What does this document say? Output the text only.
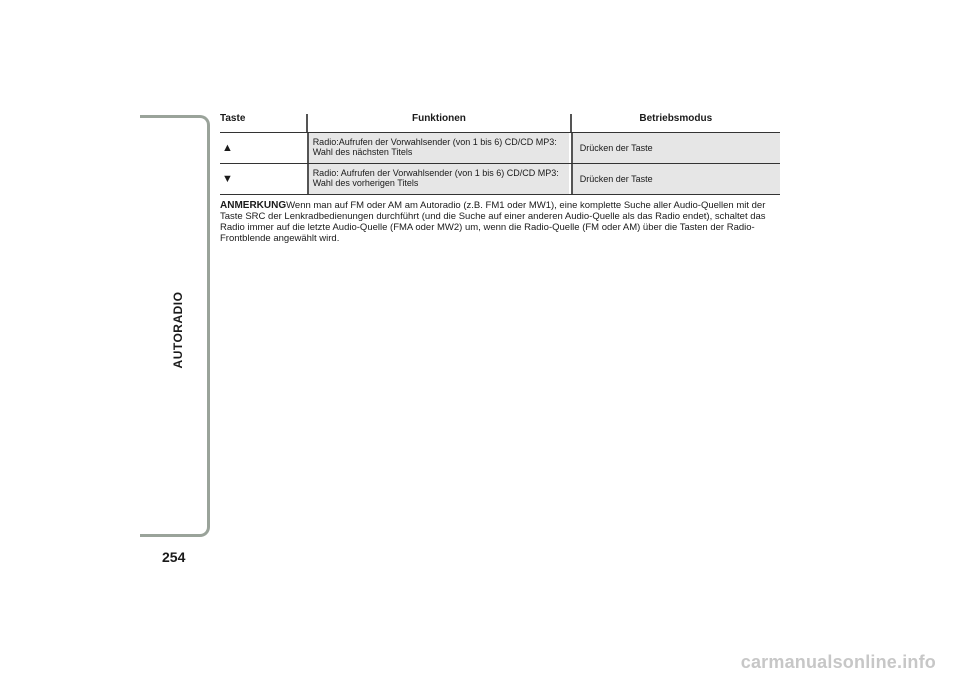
AUTORADIO
254
Taste	Funktionen	Betriebsmodus
▲	Radio:Aufrufen der Vorwahlsender (von 1 bis 6) CD/CD MP3: Wahl des nächsten Titels	Drücken der Taste
▼	Radio: Aufrufen der Vorwahlsender (von 1 bis 6) CD/CD MP3: Wahl des vorherigen Titels	Drücken der Taste
ANMERKUNGWenn man auf FM oder AM am Autoradio (z.B. FM1 oder MW1), eine komplette Suche aller Audio-Quellen mit der Taste SRC der Lenkradbedienungen durchführt (und die Suche auf einer anderen Audio-Quelle als das Radio endet), schaltet das Radio immer auf die letzte Audio-Quelle (FMA oder MW2) um, wenn die Radio-Quelle (FM oder AM) über die Tasten der Radio-Frontblende angewählt wird.
carmanualsonline.info
